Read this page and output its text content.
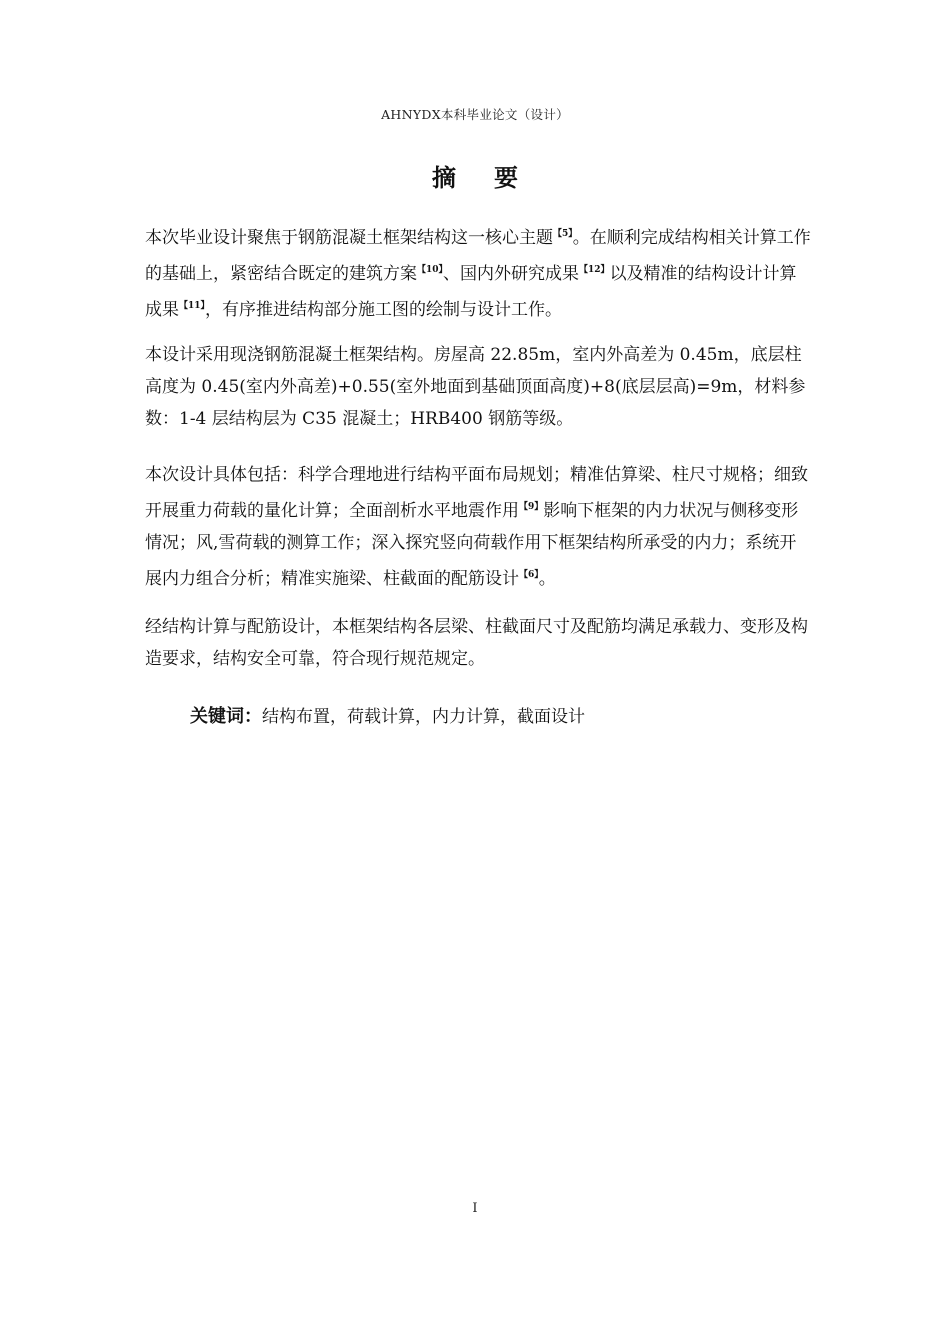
AHNYDX本科毕业论文（设计）
摘要

本次毕业设计聚焦于钢筋混凝土框架结构这一核心主题$^{【5】}$。在顺利完成结构相关计算工作的基础上，紧密结合既定的建筑方案$^{【10】}$、国内外研究成果$^{【12】}$以及精准的结构设计计算成果$^{【11】}$，有序推进结构部分施工图的绘制与设计工作。

本设计采用现浇钢筋混凝土框架结构。房屋高 22.85m，室内外高差为 0.45m，底层柱高度为 0.45(室内外高差)+0.55(室外地面到基础顶面高度)+8(底层层高)=9m，材料参数：1-4 层结构层为 C35 混凝土；HRB400 钢筋等级。

本次设计具体包括：科学合理地进行结构平面布局规划；精准估算梁、柱尺寸规格；细致开展重力荷载的量化计算；全面剖析水平地震作用$^{【9】}$影响下框架的内力状况与侧移变形情况；风,雪荷载的测算工作；深入探究竖向荷载作用下框架结构所承受的内力；系统开展内力组合分析；精准实施梁、柱截面的配筋设计$^{【6】}$。

经结构计算与配筋设计，本框架结构各层梁、柱截面尺寸及配筋均满足承载力、变形及构造要求，结构安全可靠，符合现行规范规定。

关键词：结构布置，荷载计算，内力计算，截面设计
I
